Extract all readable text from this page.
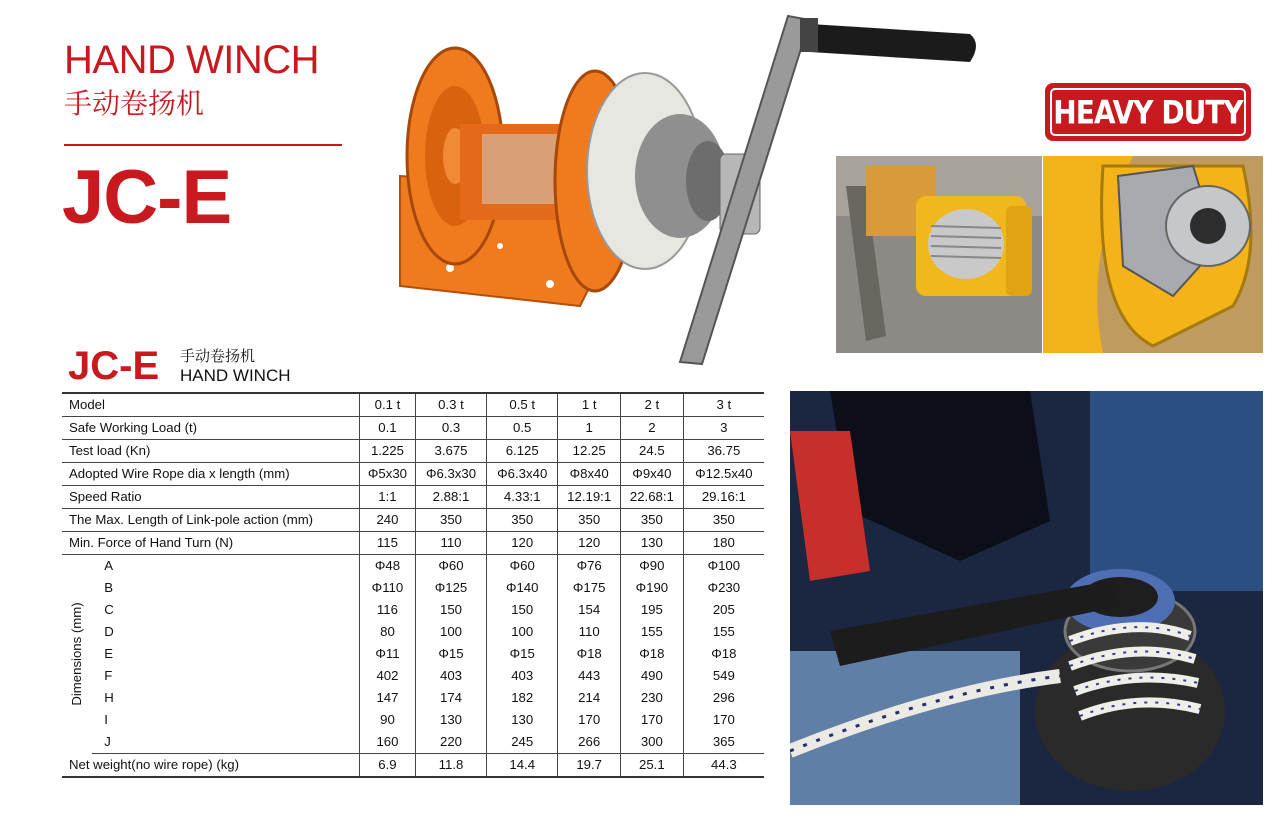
HAND WINCH
手动卷扬机
JC-E
HEAVY DUTY
JC-E 手动卷扬机
HAND WINCH
Model		0.1 t	0.3 t	0.5 t	1 t	2 t	3 t
Safe Working Load (t)		0.1	0.3	0.5	1	2	3
Test load (Kn)		1.225	3.675	6.125	12.25	24.5	36.75
Adopted Wire Rope dia x length (mm)		Φ5x30	Φ6.3x30	Φ6.3x40	Φ8x40	Φ9x40	Φ12.5x40
Speed Ratio		1:1	2.88:1	4.33:1	12.19:1	22.68:1	29.16:1
The Max. Length of Link-pole action (mm)		240	350	350	350	350	350
Min. Force of Hand Turn (N)		115	110	120	120	130	180

Dimensions (mm)	A	Φ48	Φ60	Φ60	Φ76	Φ90	Φ100
	B	Φ110	Φ125	Φ140	Φ175	Φ190	Φ230
	C	116	150	150	154	195	205
	D	80	100	100	110	155	155
	E	Φ11	Φ15	Φ15	Φ18	Φ18	Φ18
	F	402	403	403	443	490	549
	H	147	174	182	214	230	296
	I	90	130	130	170	170	170
	J	160	220	245	266	300	365
Net weight(no wire rope) (kg)		6.9	11.8	14.4	19.7	25.1	44.3
